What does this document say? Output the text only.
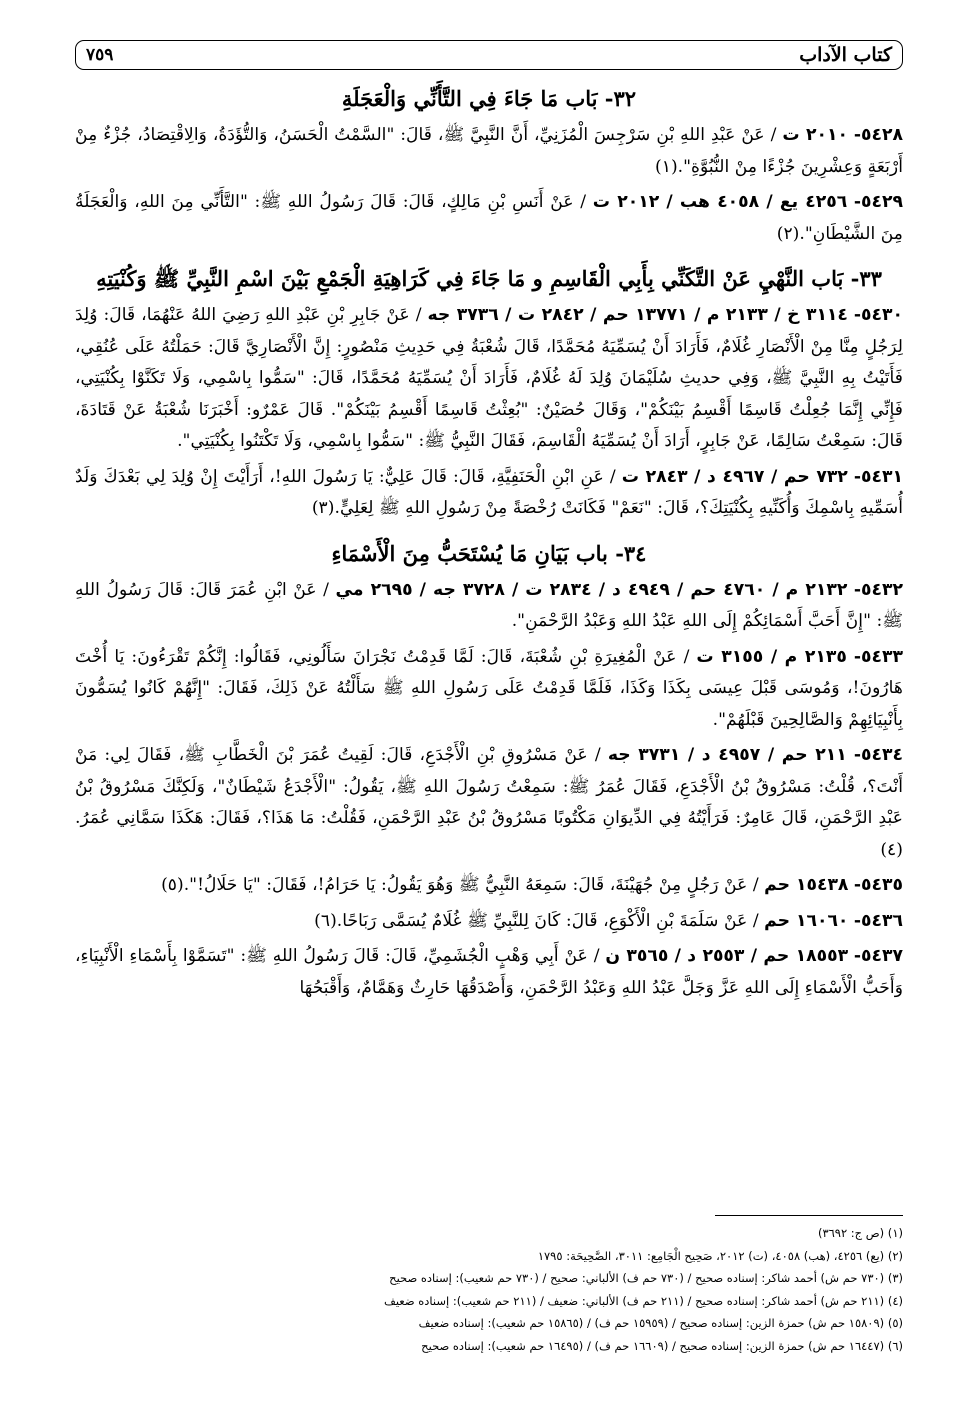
كتاب الآداب
٧٥٩
٣٢- بَاب مَا جَاءَ فِي التَّأَنِّي وَالْعَجَلَةِ

٥٤٢٨- ٢٠١٠ ت / عَنْ عَبْدِ اللهِ بْنِ سَرْجِسَ الْمُزَنِيِّ، أَنَّ النَّبِيَّ ﷺ، قَالَ: "السَّمْتُ الْحَسَنُ، وَالتُّؤَدَةُ، وَالِاقْتِصَادُ، جُزْءٌ مِنْ أَرْبَعَةٍ وَعِشْرِينَ جُزْءًا مِنْ النُّبُوَّةِ".(١)

٥٤٢٩- ٤٢٥٦ يع / ٤٠٥٨ هب / ٢٠١٢ ت / عَنْ أَنَسِ بْنِ مَالِكٍ، قَالَ: قَالَ رَسُولُ اللهِ ﷺ: "التَّأَنِّي مِنَ اللهِ، وَالْعَجَلَةُ مِنَ الشَّيْطَانِ".(٢)

٣٣- بَاب النَّهْيِ عَنْ التَّكَنِّي بِأَبِي الْقَاسِمِ و مَا جَاءَ فِي كَرَاهِيَةِ الْجَمْعِ بَيْنَ اسْمِ النَّبِيِّ ﷺ وَكُنْيَتِهِ

٥٤٣٠- ٣١١٤ خ / ٢١٣٣ م / ١٣٧٧١ حم / ٢٨٤٢ ت / ٣٧٣٦ جه / عَنْ جَابِرِ بْنِ عَبْدِ اللهِ رَضِيَ اللهُ عَنْهُمَا، قَالَ: وُلِدَ لِرَجُلٍ مِنَّا مِنْ الْأَنْصَارِ غُلَامٌ، فَأَرَادَ أَنْ يُسَمِّيَهُ مُحَمَّدًا، قَالَ شُعْبَةُ فِي حَدِيثِ مَنْصُورٍ: إِنَّ الْأَنْصَارِيَّ قَالَ: حَمَلْتُهُ عَلَى عُنُقِي، فَأَتَيْتُ بِهِ النَّبِيَّ ﷺ، وَفِي حديثِ سُلَيْمَانَ وُلِدَ لَهُ غُلَامٌ، فَأَرَادَ أَنْ يُسَمِّيَهُ مُحَمَّدًا، قَالَ: "سَمُّوا بِاسْمِي، وَلَا تَكَنَّوْا بِكُنْيَتِي، فَإِنِّي إِنَّمَا جُعِلْتُ قَاسِمًا أَقْسِمُ بَيْنَكُمْ"، وَقَالَ حُصَيْنٌ: "بُعِثْتُ قَاسِمًا أَقْسِمُ بَيْنَكُمْ". قَالَ عَمْرٌو: أَخْبَرَنَا شُعْبَةُ عَنْ قَتَادَةَ، قَالَ: سَمِعْتُ سَالِمًا، عَنْ جَابِرٍ، أَرَادَ أَنْ يُسَمِّيَهُ الْقَاسِمَ، فَقَالَ النَّبِيُّ ﷺ: "سَمُّوا بِاسْمِي، وَلَا تَكْتَنُوا بِكُنْيَتِي".

٥٤٣١- ٧٣٢ حم / ٤٩٦٧ د / ٢٨٤٣ ت / عَنِ ابْنِ الْحَنَفِيَّةِ، قَالَ: قَالَ عَلِيٌّ: يَا رَسُولَ اللهِ!، أَرَأَيْتَ إِنْ وُلِدَ لِي بَعْدَكَ وَلَدٌ أُسَمِّيهِ بِاسْمِكَ وَأُكَنِّيهِ بِكُنْيَتِكَ؟، قَالَ: "نَعَمْ" فَكَانَتْ رُخْصَةً مِنْ رَسُولِ اللهِ ﷺ لِعَلِيٍّ.(٣)

٣٤- باب بَيَانِ مَا يُسْتَحَبُّ مِنَ الْأَسْمَاءِ

٥٤٣٢- ٢١٣٢ م / ٤٧٦٠ حم / ٤٩٤٩ د / ٢٨٣٤ ت / ٣٧٢٨ جه / ٢٦٩٥ مي / عَنْ ابْنِ عُمَرَ قَالَ: قَالَ رَسُولُ اللهِ ﷺ: "إِنَّ أَحَبَّ أَسْمَائِكُمْ إِلَى اللهِ عَبْدُ اللهِ وَعَبْدُ الرَّحْمَنِ".

٥٤٣٣- ٢١٣٥ م / ٣١٥٥ ت / عَنْ الْمُغِيرَةِ بْنِ شُعْبَةَ، قَالَ: لَمَّا قَدِمْتُ نَجْرَانَ سَأَلُونِي، فَقَالُوا: إِنَّكُمْ تَقْرَءُونَ: يَا أُخْتَ هَارُونَ!، وَمُوسَى قَبْلَ عِيسَى بِكَذَا وَكَذَا، فَلَمَّا قَدِمْتُ عَلَى رَسُولِ اللهِ ﷺ سَأَلْتُهُ عَنْ ذَلِكَ، فَقَالَ: "إِنَّهُمْ كَانُوا يُسَمُّونَ بِأَنْبِيَائِهِمْ وَالصَّالِحِينَ قَبْلَهُمْ".

٥٤٣٤- ٢١١ حم / ٤٩٥٧ د / ٣٧٣١ جه / عَنْ مَسْرُوقِ بْنِ الْأَجْدَعِ، قَالَ: لَقِيتُ عُمَرَ بْنَ الْخَطَّابِ ﷺ، فَقَالَ لِي: مَنْ أَنْتَ؟، قُلْتُ: مَسْرُوقُ بْنُ الْأَجْدَعِ، فَقَالَ عُمَرُ ﷺ: سَمِعْتُ رَسُولَ اللهِ ﷺ، يَقُولُ: "الْأَجْدَعُ شَيْطَانٌ"، وَلَكِنَّكَ مَسْرُوقُ بْنُ عَبْدِ الرَّحْمَنِ، قَالَ عَامِرٌ: فَرَأَيْتُهُ فِي الدِّيوَانِ مَكْتُوبًا مَسْرُوقُ بْنُ عَبْدِ الرَّحْمَنِ، فَقُلْتُ: مَا هَذَا؟، فَقَالَ: هَكَذَا سَمَّانِي عُمَرُ.(٤)

٥٤٣٥- ١٥٤٣٨ حم / عَنْ رَجُلٍ مِنْ جُهَيْنَةَ، قَالَ: سَمِعَهُ النَّبِيُّ ﷺ وَهُوَ يَقُولُ: يَا حَرَامُ!، فَقَالَ: "يَا حَلَالُ!".(٥)

٥٤٣٦- ١٦٠٦٠ حم / عَنْ سَلَمَةَ بْنِ الْأَكْوَعِ، قَالَ: كَانَ لِلنَّبِيِّ ﷺ غُلَامٌ يُسَمَّى رَبَاحًا.(٦)

٥٤٣٧- ١٨٥٥٣ حم / ٢٥٥٣ د / ٣٥٦٥ ن / عَنْ أَبِي وَهْبٍ الْجُشَمِيِّ، قَالَ: قَالَ رَسُولُ اللهِ ﷺ: "تَسَمَّوْا بِأَسْمَاءِ الْأَنْبِيَاءِ، وَأَحَبُّ الْأَسْمَاءِ إِلَى اللهِ عَزَّ وَجَلَّ عَبْدُ اللهِ وَعَبْدُ الرَّحْمَنِ، وَأَصْدَقُهَا حَارِثٌ وَهَمَّامٌ، وَأَقْبَحُهَا

(١) (ص ج: ٣٦٩٢)
(٢) (يع) ٤٢٥٦، (هب) ٤٠٥٨، (ت) ٢٠١٢، صَحِيح الْجَامِع: ٣٠١١، الصَّحِيحَة: ١٧٩٥
(٣) (٧٣٠ حم ش) أحمد شاكر: إسناده صحيح / (٧٣٠ حم ف) الألباني: صحيح / (٧٣٠ حم شعيب): إسناده صحيح
(٤) (٢١١ حم ش) أحمد شاكر: إسناده صحيح / (٢١١ حم ف) الألباني: ضعيف / (٢١١ حم شعيب): إسناده ضعيف
(٥) (١٥٨٠٩ حم ش) حمزة الزين: إسناده صحيح / (١٥٩٥٩ حم ف) / (١٥٨٦٥ حم شعيب): إسناده ضعيف
(٦) (١٦٤٤٧ حم ش) حمزة الزين: إسناده صحيح / (١٦٦٠٩ حم ف) / (١٦٤٩٥ حم شعيب): إسناده صحيح
